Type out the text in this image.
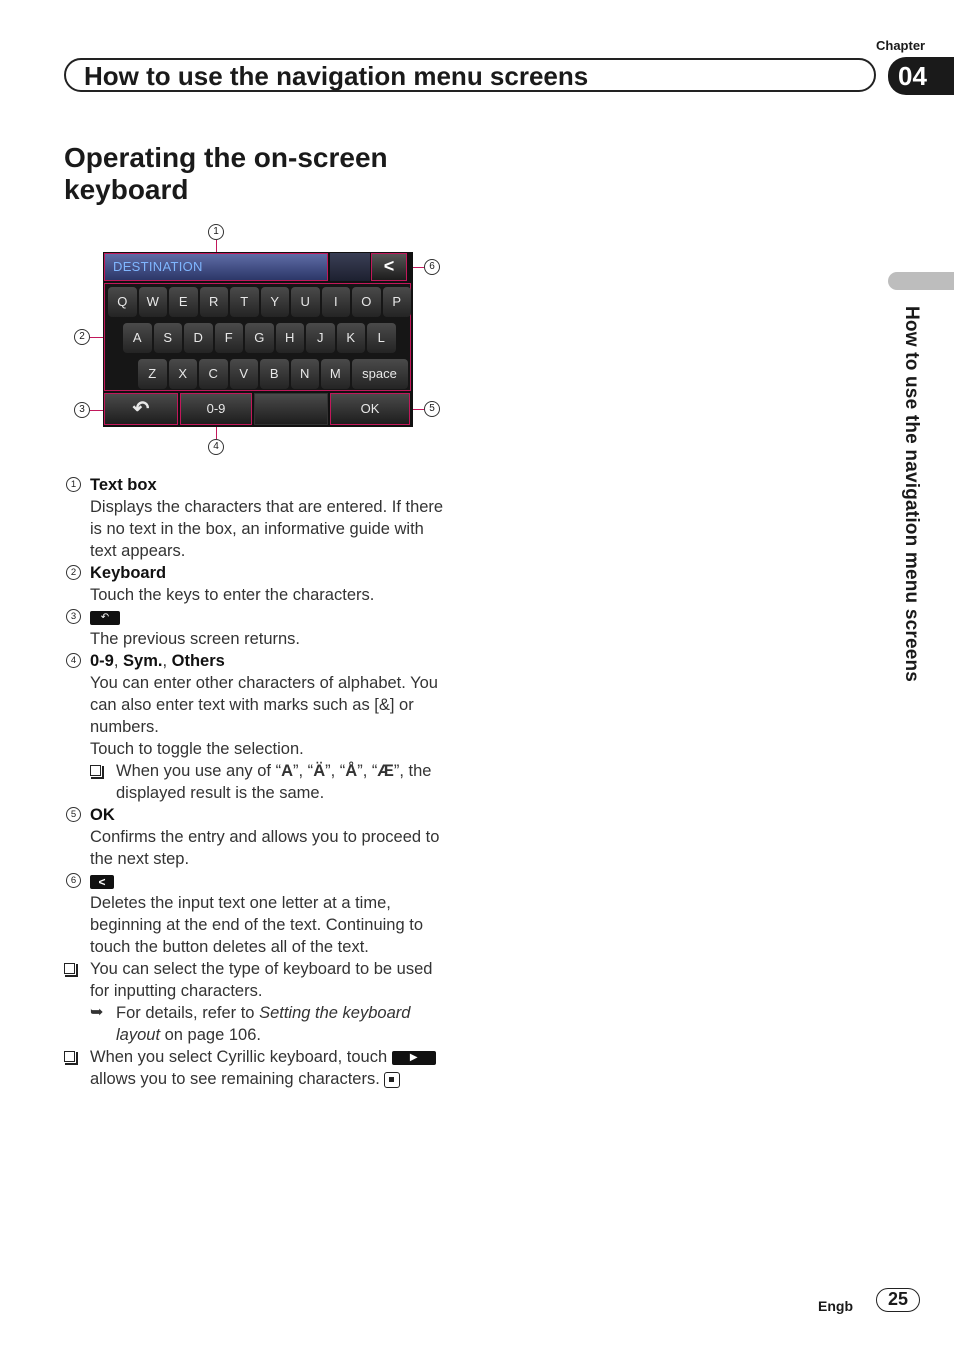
Chapter
How to use the navigation menu screens	04
How to use the navigation menu screens
Operating the on-screen keyboard
1
6
2
3	5
4
DESTINATION	<
Q	W	E	R	T	Y	U	I	O	P
A	S	D	F	G	H	J	K	L
Z	X	C	V	B	N	M	space
↶	0-9	OK
1 Text box
Displays the characters that are entered. If there is no text in the box, an informative guide with text appears.
2 Keyboard
Touch the keys to enter the characters.
3	↶
The previous screen returns.
4 0-9, Sym., Others
You can enter other characters of alphabet. You can also enter text with marks such as [&] or numbers.
Touch to toggle the selection.
When you use any of “A”, “Ä”, “Å”, “Æ”, the displayed result is the same.
5 OK
Confirms the entry and allows you to proceed to the next step.
6	<
Deletes the input text one letter at a time, beginning at the end of the text. Continuing to touch the button deletes all of the text.
You can select the type of keyboard to be used for inputting characters.
➥ For details, refer to Setting the keyboard layout on page 106.
When you select Cyrillic keyboard, touch ▶ allows you to see remaining characters.
Engb	25
